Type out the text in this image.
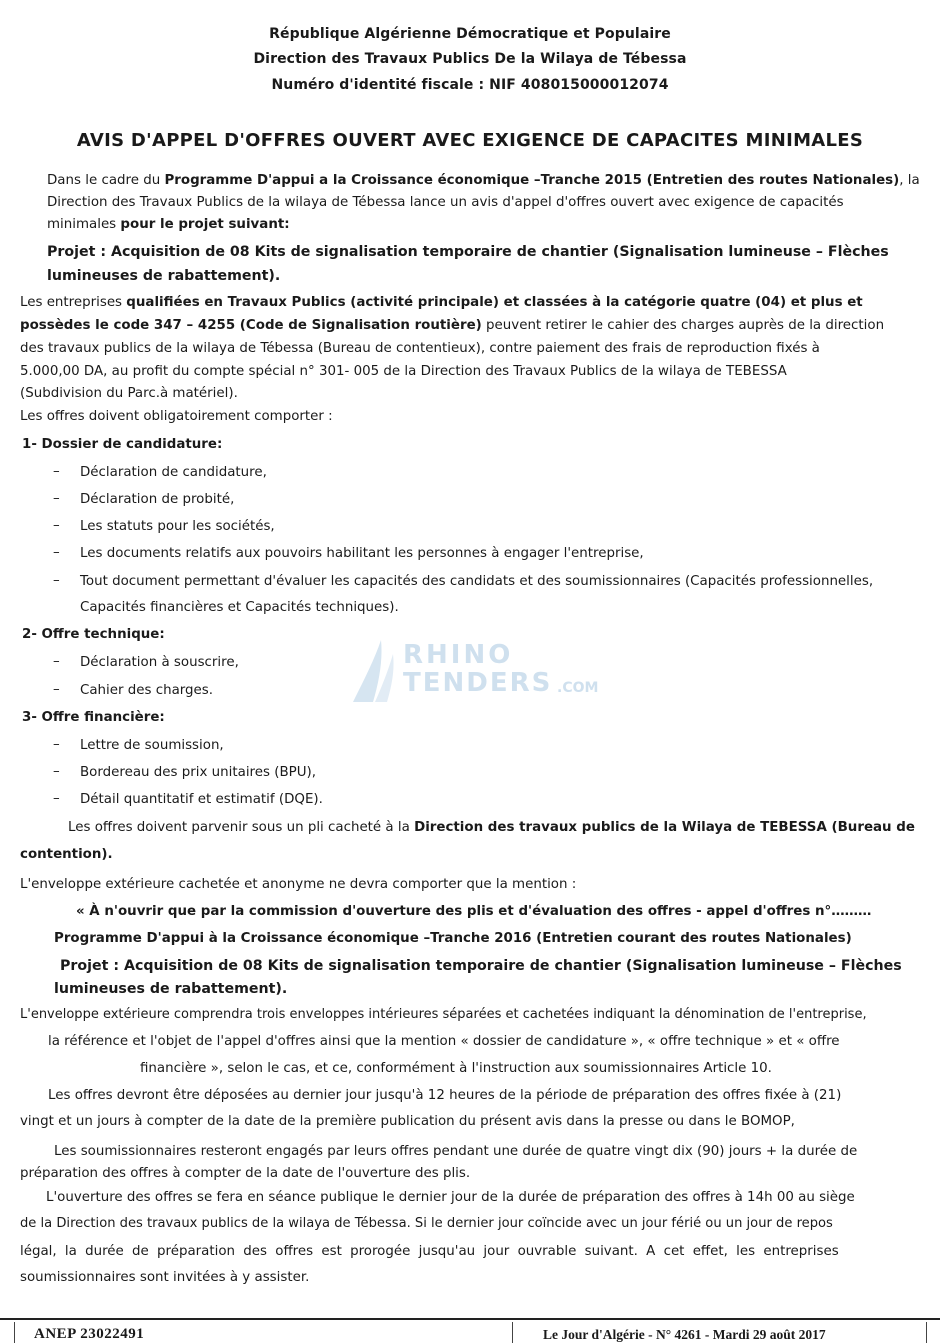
République Algérienne Démocratique et Populaire
Direction des Travaux Publics De la Wilaya de Tébessa
Numéro d'identité fiscale : NIF 408015000012074
AVIS D'APPEL D'OFFRES OUVERT AVEC EXIGENCE DE CAPACITES MINIMALES
Dans le cadre du Programme D'appui a la Croissance économique –Tranche 2015 (Entretien des routes Nationales), la
Direction des Travaux Publics de la wilaya de Tébessa lance un avis d'appel d'offres ouvert avec exigence de capacités
minimales pour le projet suivant:
Projet : Acquisition de 08 Kits de signalisation temporaire de chantier (Signalisation lumineuse – Flèches
lumineuses de rabattement).
Les entreprises qualifiées en Travaux Publics (activité principale) et classées à la catégorie quatre (04) et plus et
possèdes le code 347 – 4255 (Code de Signalisation routière) peuvent retirer le cahier des charges auprès de la direction
des travaux publics de la wilaya de Tébessa (Bureau de contentieux), contre paiement des frais de reproduction fixés à
5.000,00 DA, au profit du compte spécial n° 301- 005 de la Direction des Travaux Publics de la wilaya de TEBESSA
(Subdivision du Parc.à matériel).
Les offres doivent obligatoirement comporter :
1- Dossier de candidature:
– Déclaration de candidature,
– Déclaration de probité,
– Les statuts pour les sociétés,
– Les documents relatifs aux pouvoirs habilitant les personnes à engager l'entreprise,
– Tout document permettant d'évaluer les capacités des candidats et des soumissionnaires (Capacités professionnelles,
Capacités financières et Capacités techniques).
2- Offre technique:
– Déclaration à souscrire,
– Cahier des charges.
RHINO
TENDERS .COM
3- Offre financière:
– Lettre de soumission,
– Bordereau des prix unitaires (BPU),
– Détail quantitatif et estimatif (DQE).
Les offres doivent parvenir sous un pli cacheté à la Direction des travaux publics de la Wilaya de TEBESSA (Bureau de
contention).
L'enveloppe extérieure cachetée et anonyme ne devra comporter que la mention :
« À n'ouvrir que par la commission d'ouverture des plis et d'évaluation des offres - appel d'offres n°………
Programme D'appui à la Croissance économique –Tranche 2016 (Entretien courant des routes Nationales)
Projet : Acquisition de 08 Kits de signalisation temporaire de chantier (Signalisation lumineuse – Flèches
lumineuses de rabattement).
L'enveloppe extérieure comprendra trois enveloppes intérieures séparées et cachetées indiquant la dénomination de l'entreprise,
la référence et l'objet de l'appel d'offres ainsi que la mention « dossier de candidature », « offre technique » et « offre
financière », selon le cas, et ce, conformément à l'instruction aux soumissionnaires Article 10.
Les offres devront être déposées au dernier jour jusqu'à 12 heures de la période de préparation des offres fixée à (21)
vingt et un jours à compter de la date de la première publication du présent avis dans la presse ou dans le BOMOP,
Les soumissionnaires resteront engagés par leurs offres pendant une durée de quatre vingt dix (90) jours + la durée de
préparation des offres à compter de la date de l'ouverture des plis.
L'ouverture des offres se fera en séance publique le dernier jour de la durée de préparation des offres à 14h 00 au siège
de la Direction des travaux publics de la wilaya de Tébessa. Si le dernier jour coïncide avec un jour férié ou un jour de repos
légal, la durée de préparation des offres est prorogée jusqu'au jour ouvrable suivant. A cet effet, les entreprises
soumissionnaires sont invitées à y assister.
ANEP 23022491	Le Jour d'Algérie - N° 4261 - Mardi 29 août 2017
